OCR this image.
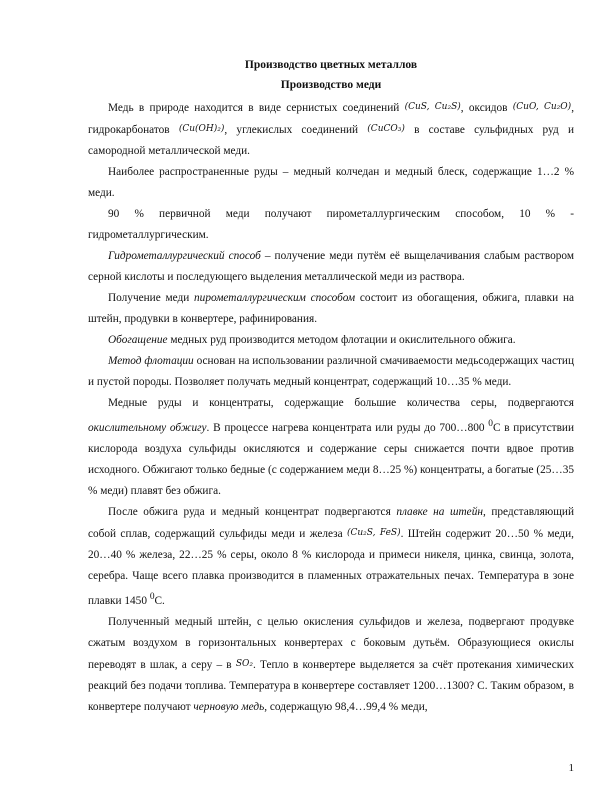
Производство цветных металлов
Производство меди

Медь в природе находится в виде сернистых соединений (CuS, Cu₂S), оксидов (CuO, Cu₂O), гидрокарбонатов (Cu(OH)₂), углекислых соединений (CuCO₃) в составе сульфидных руд и самородной металлической меди.

Наиболее распространенные руды – медный колчедан и медный блеск, содержащие 1…2 % меди.

90 % первичной меди получают пирометаллургическим способом, 10 % - гидрометаллургическим.

Гидрометаллургический способ – получение меди путём её выщелачивания слабым раствором серной кислоты и последующего выделения металлической меди из раствора.

Получение меди пирометаллургическим способом состоит из обогащения, обжига, плавки на штейн, продувки в конвертере, рафинирования.

Обогащение медных руд производится методом флотации и окислительного обжига.

Метод флотации основан на использовании различной смачиваемости медьсодержащих частиц и пустой породы. Позволяет получать медный концентрат, содержащий 10…35 % меди.

Медные руды и концентраты, содержащие большие количества серы, подвергаются окислительному обжигу. В процессе нагрева концентрата или руды до 700…800 $^0$С в присутствии кислорода воздуха сульфиды окисляются и содержание серы снижается почти вдвое против исходного. Обжигают только бедные (с содержанием меди 8…25 %) концентраты, а богатые (25…35 % меди) плавят без обжига.

После обжига руда и медный концентрат подвергаются плавке на штейн, представляющий собой сплав, содержащий сульфиды меди и железа (Cu₂S, FeS). Штейн содержит 20…50 % меди, 20…40 % железа, 22…25 % серы, около 8 % кислорода и примеси никеля, цинка, свинца, золота, серебра. Чаще всего плавка производится в пламенных отражательных печах. Температура в зоне плавки 1450 $^0$С.

Полученный медный штейн, с целью окисления сульфидов и железа, подвергают продувке сжатым воздухом в горизонтальных конвертерах с боковым дутьём. Образующиеся окислы переводят в шлак, а серу – в SO₂. Тепло в конвертере выделяется за счёт протекания химических реакций без подачи топлива. Температура в конвертере составляет 1200…1300? С. Таким образом, в конвертере получают черновую медь, содержащую 98,4…99,4 % меди,

1
